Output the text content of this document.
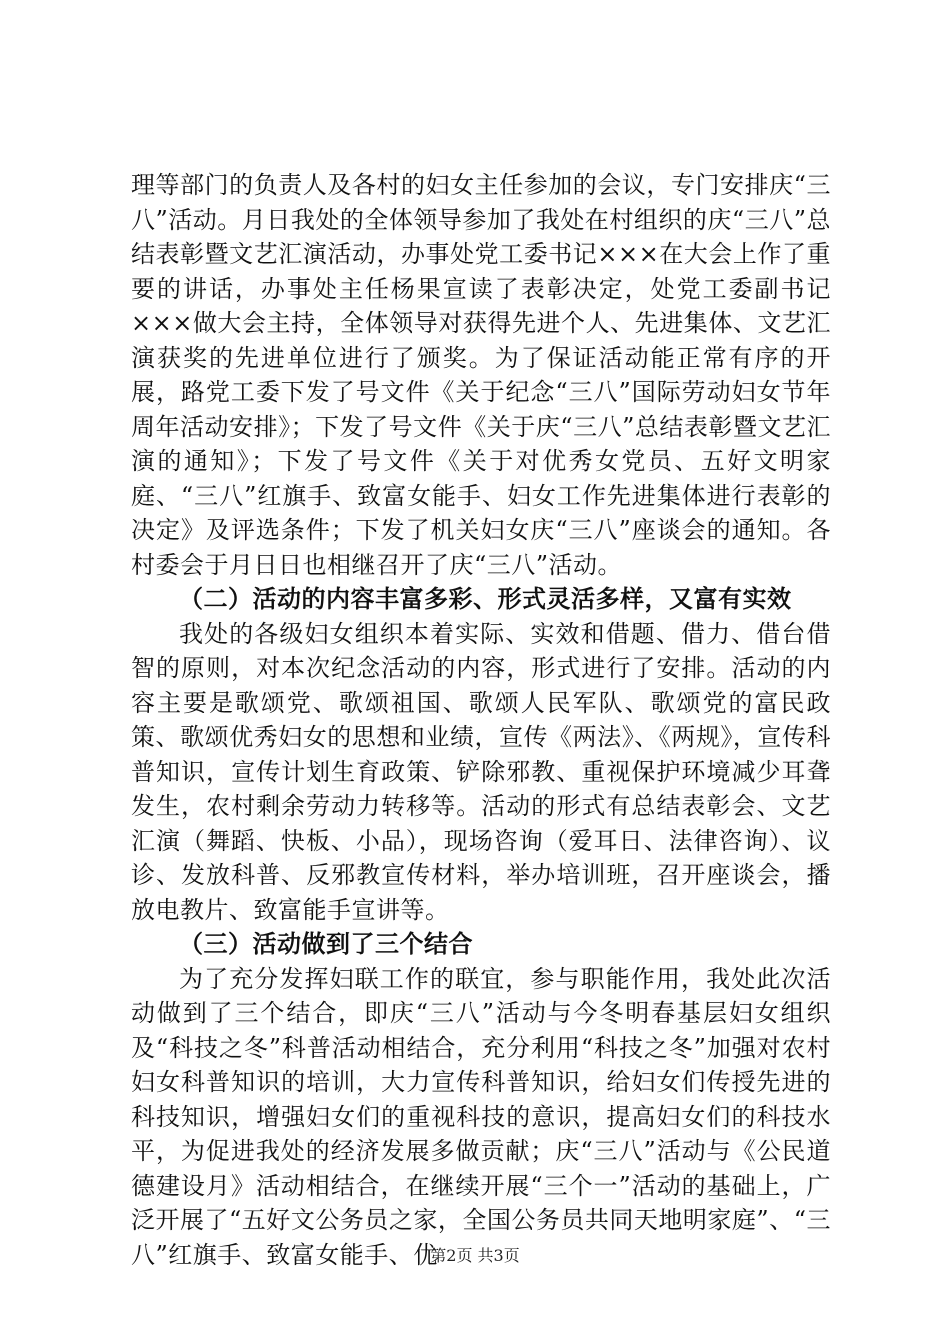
理等部门的负责人及各村的妇女主任参加的会议，专门安排庆“三八”活动。月日我处的全体领导参加了我处在村组织的庆“三八”总结表彰暨文艺汇演活动，办事处党工委书记×××在大会上作了重要的讲话，办事处主任杨果宣读了表彰决定，处党工委副书记×××做大会主持，全体领导对获得先进个人、先进集体、文艺汇演获奖的先进单位进行了颁奖。为了保证活动能正常有序的开展，路党工委下发了号文件《关于纪念“三八”国际劳动妇女节年周年活动安排》；下发了号文件《关于庆“三八”总结表彰暨文艺汇演的通知》；下发了号文件《关于对优秀女党员、五好文明家庭、“三八”红旗手、致富女能手、妇女工作先进集体进行表彰的决定》及评选条件；下发了机关妇女庆“三八”座谈会的通知。各村委会于月日日也相继召开了庆“三八”活动。

（二）活动的内容丰富多彩、形式灵活多样，又富有实效

我处的各级妇女组织本着实际、实效和借题、借力、借台借智的原则，对本次纪念活动的内容，形式进行了安排。活动的内容主要是歌颂党、歌颂祖国、歌颂人民军队、歌颂党的富民政策、歌颂优秀妇女的思想和业绩，宣传《两法》、《两规》，宣传科普知识，宣传计划生育政策、铲除邪教、重视保护环境减少耳聋发生，农村剩余劳动力转移等。活动的形式有总结表彰会、文艺汇演（舞蹈、快板、小品），现场咨询（爱耳日、法律咨询）、议诊、发放科普、反邪教宣传材料，举办培训班，召开座谈会，播放电教片、致富能手宣讲等。

（三）活动做到了三个结合

为了充分发挥妇联工作的联宜，参与职能作用，我处此次活动做到了三个结合，即庆“三八”活动与今冬明春基层妇女组织及“科技之冬”科普活动相结合，充分利用“科技之冬”加强对农村妇女科普知识的培训，大力宣传科普知识，给妇女们传授先进的科技知识，增强妇女们的重视科技的意识，提高妇女们的科技水平，为促进我处的经济发展多做贡献；庆“三八”活动与《公民道德建设月》活动相结合，在继续开展“三个一”活动的基础上，广泛开展了“五好文公务员之家，全国公务员共同天地明家庭”、“三八”红旗手、致富女能手、优

第2页 共3页
